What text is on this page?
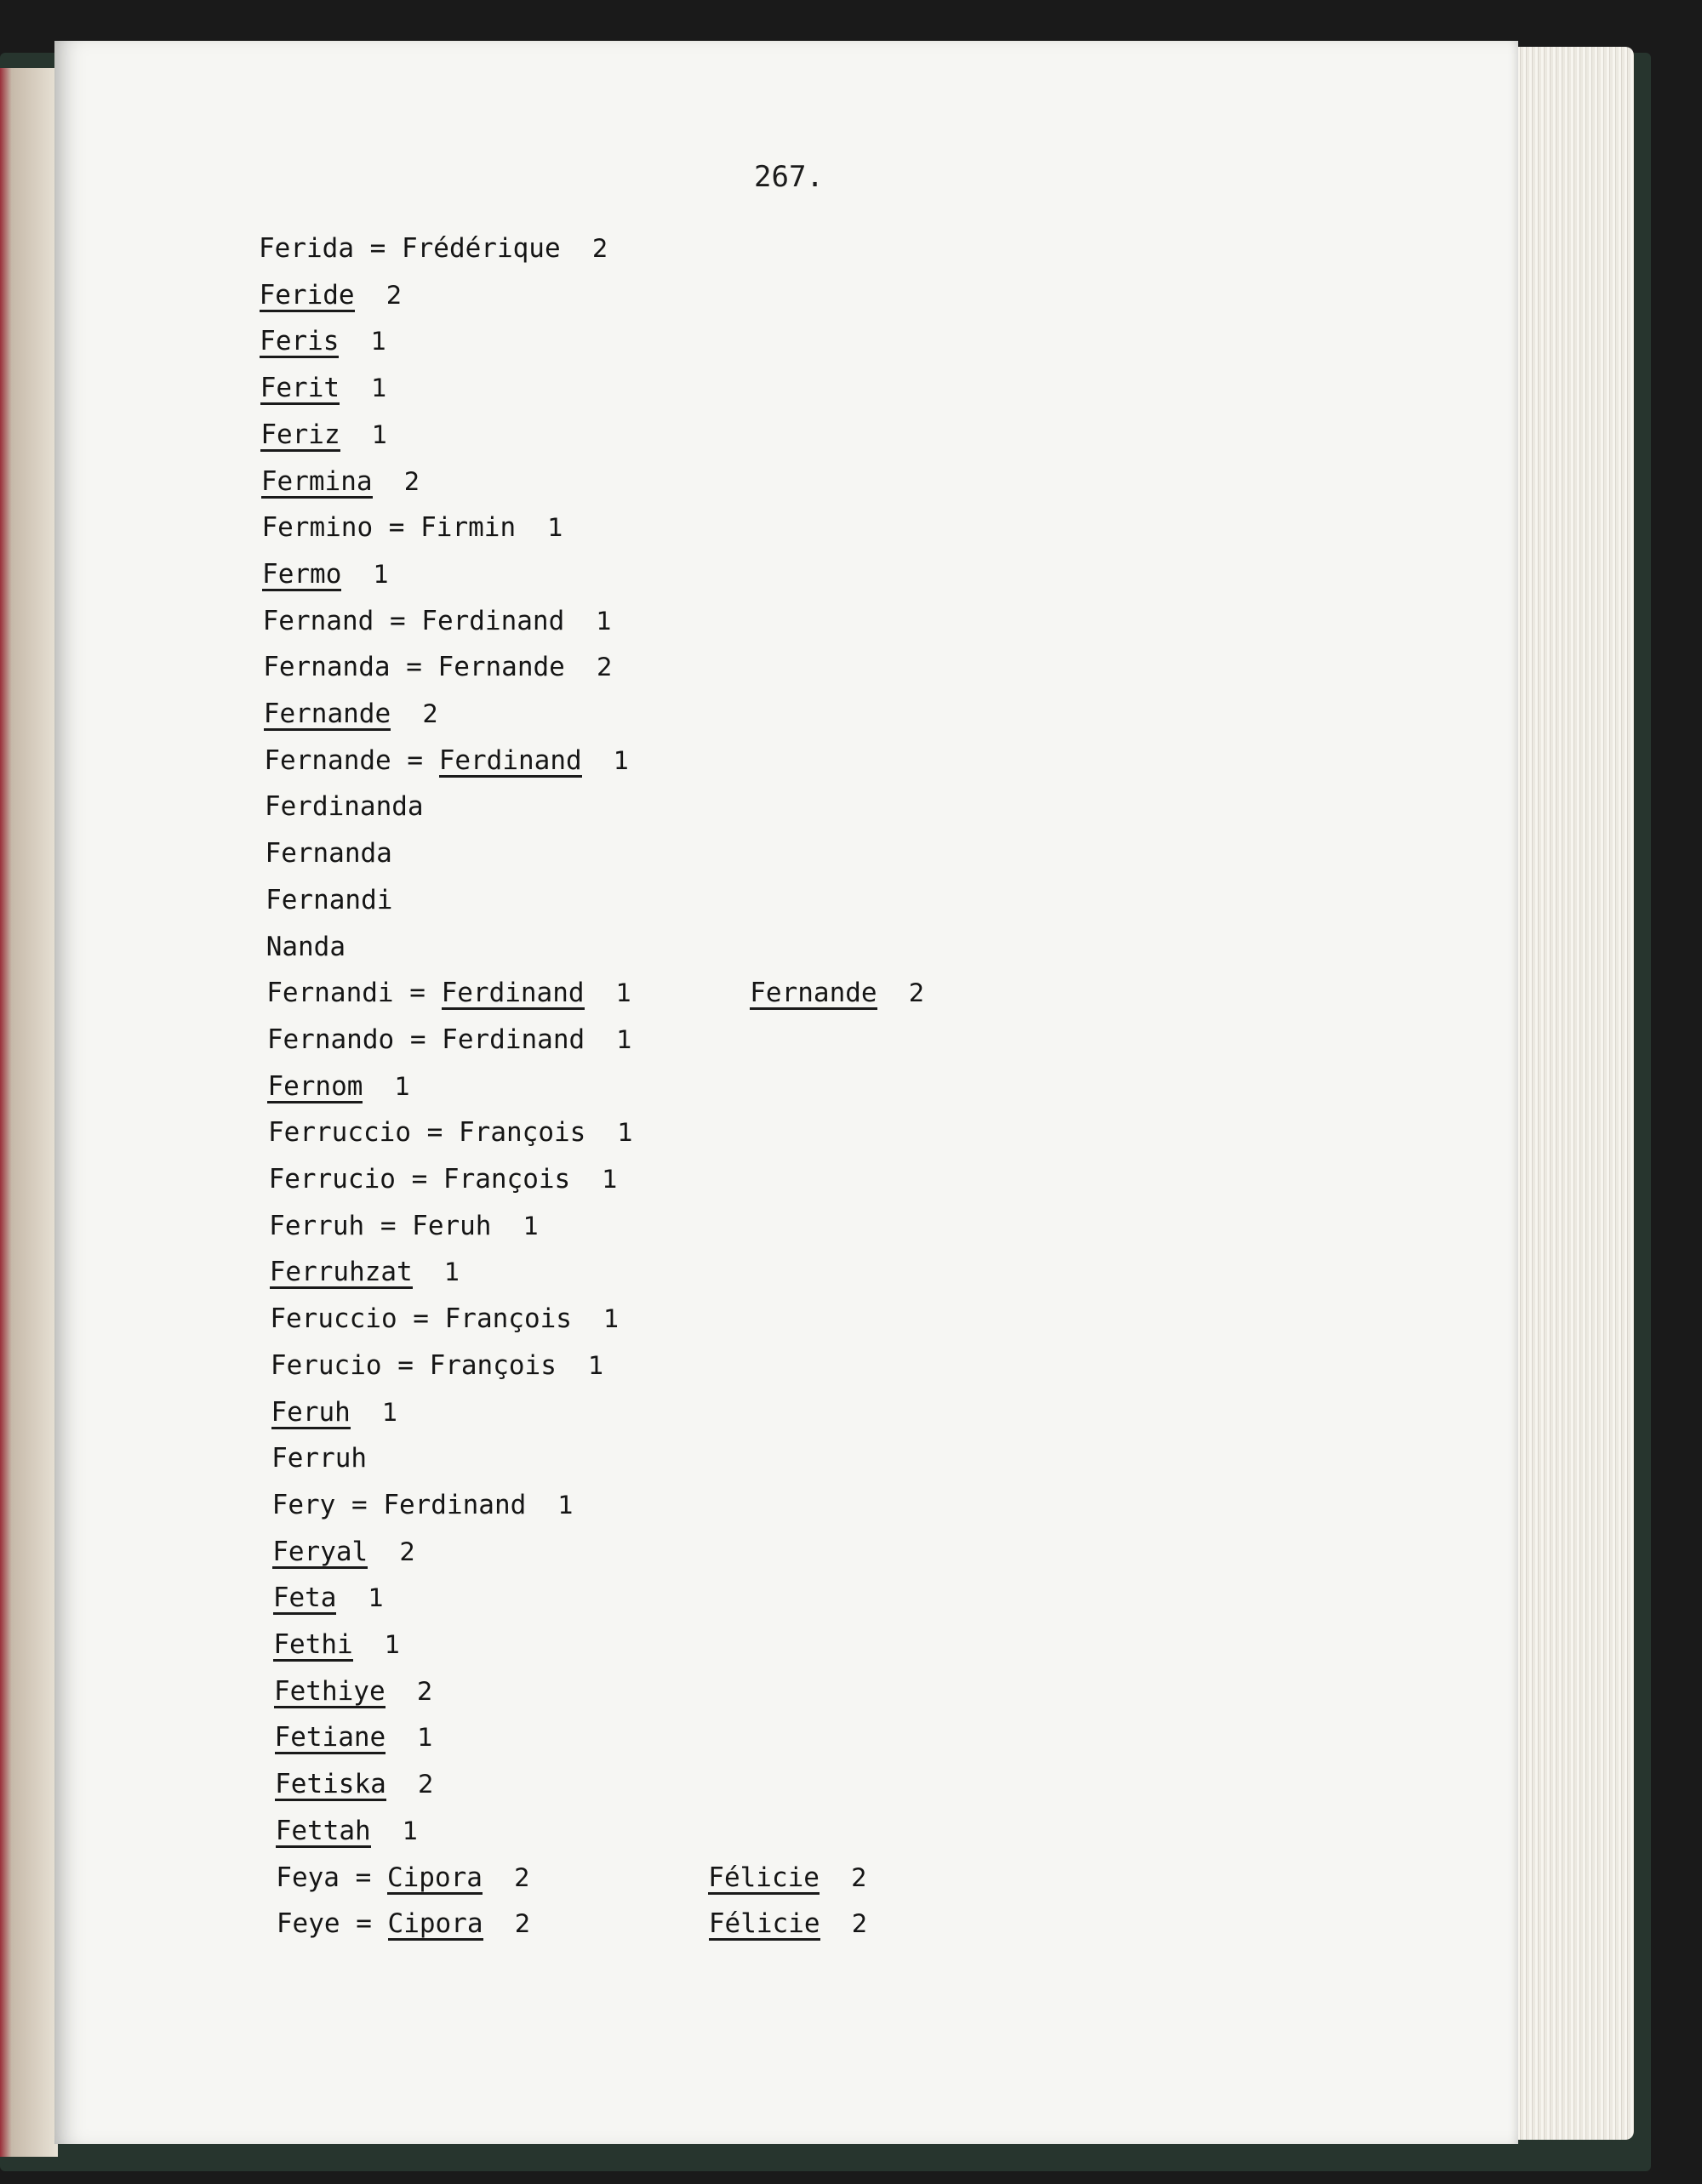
267.
Ferida = Frédérique 2
Feride 2
Feris 1
Ferit 1
Feriz 1
Fermina 2
Fermino = Firmin 1
Fermo 1
Fernand = Ferdinand 1
Fernanda = Fernande 2
Fernande 2
Fernande = Ferdinand 1
Ferdinanda
Fernanda
Fernandi
Nanda
Fernandi = Ferdinand 1	Fernande 2
Fernando = Ferdinand 1
Fernom 1
Ferruccio = François 1
Ferrucio = François 1
Ferruh = Feruh 1
Ferruhzat 1
Feruccio = François 1
Ferucio = François 1
Feruh 1
Ferruh
Fery = Ferdinand 1
Feryal 2
Feta 1
Fethi 1
Fethiye 2
Fetiane 1
Fetiska 2
Fettah 1
Feya = Cipora 2	Félicie 2
Feye = Cipora 2	Félicie 2
